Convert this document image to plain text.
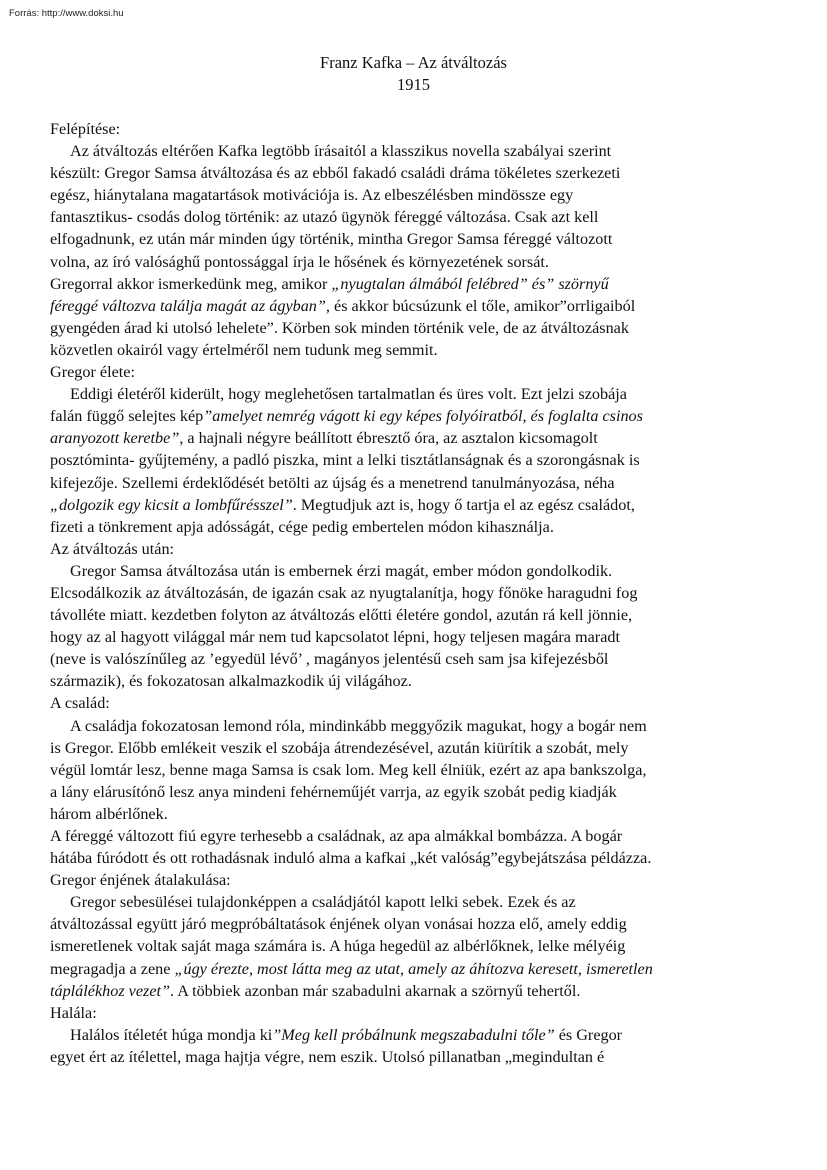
Forrás: http://www.doksi.hu
Franz Kafka – Az átváltozás
1915
Felépítése:
Az átváltozás eltérően Kafka legtöbb írásaitól a klasszikus novella szabályai szerint
készült: Gregor Samsa átváltozása és az ebből fakadó családi dráma tökéletes szerkezeti
egész, hiánytalana magatartások motivációja is. Az elbeszélésben mindössze egy
fantasztikus- csodás dolog történik: az utazó ügynök féreggé változása. Csak azt kell
elfogadnunk, ez után már minden úgy történik, mintha Gregor Samsa féreggé változott
volna, az író valósághű pontossággal írja le hősének és környezetének sorsát.
Gregorral akkor ismerkedünk meg, amikor „nyugtalan álmából felébred” és” szörnyű
féreggé változva találja magát az ágyban”, és akkor búcsúzunk el tőle, amikor”orrligaiból
gyengéden árad ki utolsó lehelete”. Körben sok minden történik vele, de az átváltozásnak
közvetlen okairól vagy értelméről nem tudunk meg semmit.
Gregor élete:
Eddigi életéről kiderült, hogy meglehetősen tartalmatlan és üres volt. Ezt jelzi szobája
falán függő selejtes kép”amelyet nemrég vágott ki egy képes folyóiratból, és foglalta csinos
aranyozott keretbe”, a hajnali négyre beállított ébresztő óra, az asztalon kicsomagolt
posztóminta- gyűjtemény, a padló piszka, mint a lelki tisztátlanságnak és a szorongásnak is
kifejezője. Szellemi érdeklődését betölti az újság és a menetrend tanulmányozása, néha
„dolgozik egy kicsit a lombfűrésszel”. Megtudjuk azt is, hogy ő tartja el az egész családot,
fizeti a tönkrement apja adósságát, cége pedig embertelen módon kihasználja.
Az átváltozás után:
Gregor Samsa átváltozása után is embernek érzi magát, ember módon gondolkodik.
Elcsodálkozik az átváltozásán, de igazán csak az nyugtalanítja, hogy főnöke haragudni fog
távolléte miatt. kezdetben folyton az átváltozás előtti életére gondol, azután rá kell jönnie,
hogy az al hagyott világgal már nem tud kapcsolatot lépni, hogy teljesen magára maradt
(neve is valószínűleg az ’egyedül lévő’ , magányos jelentésű cseh sam jsa kifejezésből
származik), és fokozatosan alkalmazkodik új világához.
A család:
A családja fokozatosan lemond róla, mindinkább meggyőzik magukat, hogy a bogár nem
is Gregor. Előbb emlékeit veszik el szobája átrendezésével, azután kiürítik a szobát, mely
végül lomtár lesz, benne maga Samsa is csak lom. Meg kell élniük, ezért az apa bankszolga,
a lány elárusítónő lesz anya mindeni fehérneműjét varrja, az egyik szobát pedig kiadják
három albérlőnek.
A féreggé változott fiú egyre terhesebb a családnak, az apa almákkal bombázza. A bogár
hátába fúródott és ott rothadásnak induló alma a kafkai „két valóság”egybejátszása példázza.
Gregor énjének átalakulása:
Gregor sebesülései tulajdonképpen a családjától kapott lelki sebek. Ezek és az
átváltozással együtt járó megpróbáltatások énjének olyan vonásai hozza elő, amely eddig
ismeretlenek voltak saját maga számára is. A húga hegedül az albérlőknek, lelke mélyéig
megragadja a zene „úgy érezte, most látta meg az utat, amely az áhítozva keresett, ismeretlen
táplálékhoz vezet”. A többiek azonban már szabadulni akarnak a szörnyű tehertől.
Halála:
Halálos ítéletét húga mondja ki”Meg kell próbálnunk megszabadulni tőle” és Gregor
egyet ért az ítélettel, maga hajtja végre, nem eszik. Utolsó pillanatban „megindultan é
